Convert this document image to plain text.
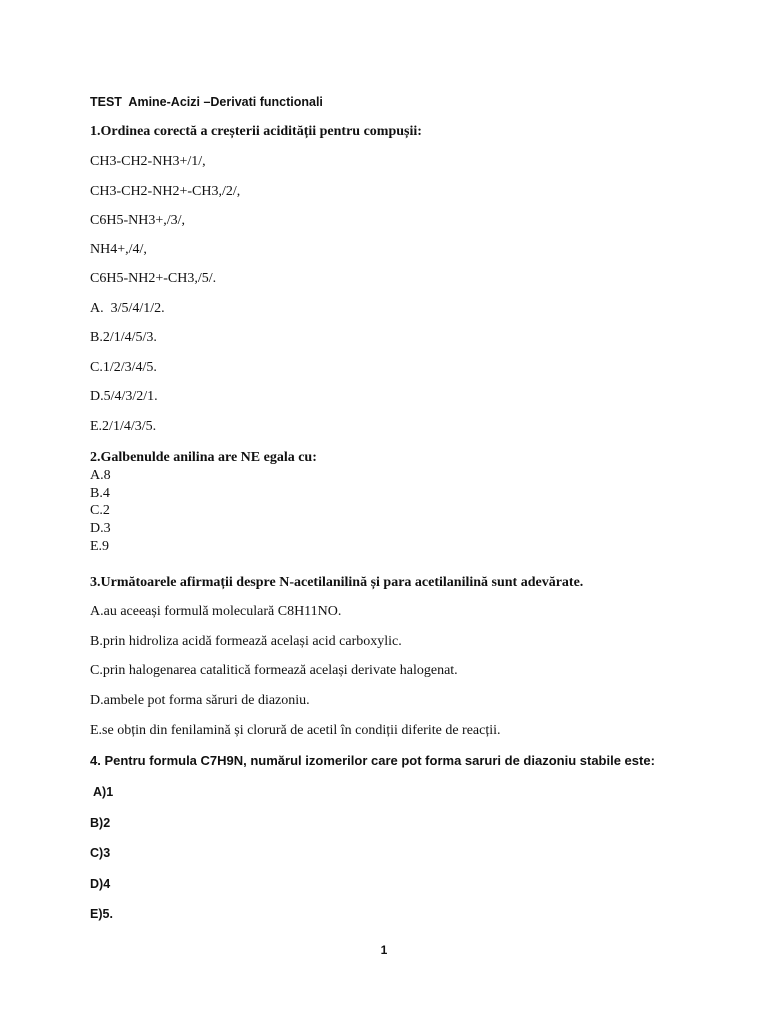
TEST  Amine-Acizi –Derivati functionali
1.Ordinea corectă a creșterii acidității pentru compușii:
CH3-CH2-NH3+/1/,
CH3-CH2-NH2+-CH3,/2/,
C6H5-NH3+,/3/,
NH4+,/4/,
C6H5-NH2+-CH3,/5/.
A.  3/5/4/1/2.
B.2/1/4/5/3.
C.1/2/3/4/5.
D.5/4/3/2/1.
E.2/1/4/3/5.
2.Galbenulde anilina are NE egala cu:
A.8
B.4
C.2
D.3
E.9
3.Următoarele afirmații despre N-acetilanilină și para acetilanilină sunt adevărate.
A.au aceeași formulă moleculară C8H11NO.
B.prin hidroliza acidă formează același acid carboxylic.
C.prin halogenarea catalitică formează același derivate halogenat.
D.ambele pot forma săruri de diazoniu.
E.se obțin din fenilamină și clorură de acetil în condiții diferite de reacții.
4. Pentru formula C7H9N, numărul izomerilor care pot forma saruri de diazoniu stabile este:
A)1
B)2
C)3
D)4
E)5.
1
